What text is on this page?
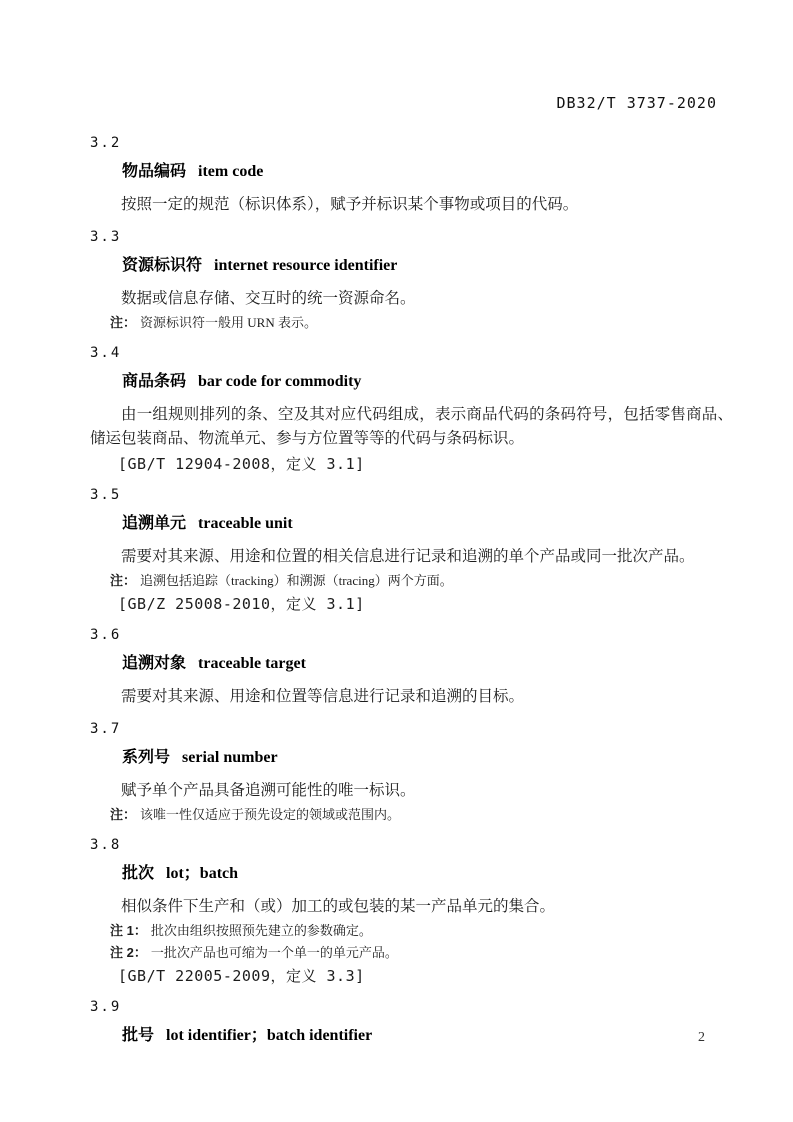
DB32/T 3737-2020
3.2
物品编码 item code

按照一定的规范（标识体系），赋予并标识某个事物或项目的代码。

3.3
资源标识符 internet resource identifier

数据或信息存储、交互时的统一资源命名。

注： 资源标识符一般用 URN 表示。

3.4
商品条码 bar code for commodity

由一组规则排列的条、空及其对应代码组成，表示商品代码的条码符号，包括零售商品、储运包装商品、物流单元、参与方位置等等的代码与条码标识。

[GB/T 12904-2008，定义 3.1]

3.5
追溯单元 traceable unit

需要对其来源、用途和位置的相关信息进行记录和追溯的单个产品或同一批次产品。

注： 追溯包括追踪（tracking）和溯源（tracing）两个方面。

[GB/Z 25008-2010，定义 3.1]

3.6
追溯对象 traceable target

需要对其来源、用途和位置等信息进行记录和追溯的目标。

3.7
系列号 serial number

赋予单个产品具备追溯可能性的唯一标识。

注： 该唯一性仅适应于预先设定的领域或范围内。

3.8
批次 lot；batch

相似条件下生产和（或）加工的或包装的某一产品单元的集合。

注 1： 批次由组织按照预先建立的参数确定。

注 2： 一批次产品也可缩为一个单一的单元产品。

[GB/T 22005-2009，定义 3.3]

3.9
批号 lot identifier；batch identifier	2
